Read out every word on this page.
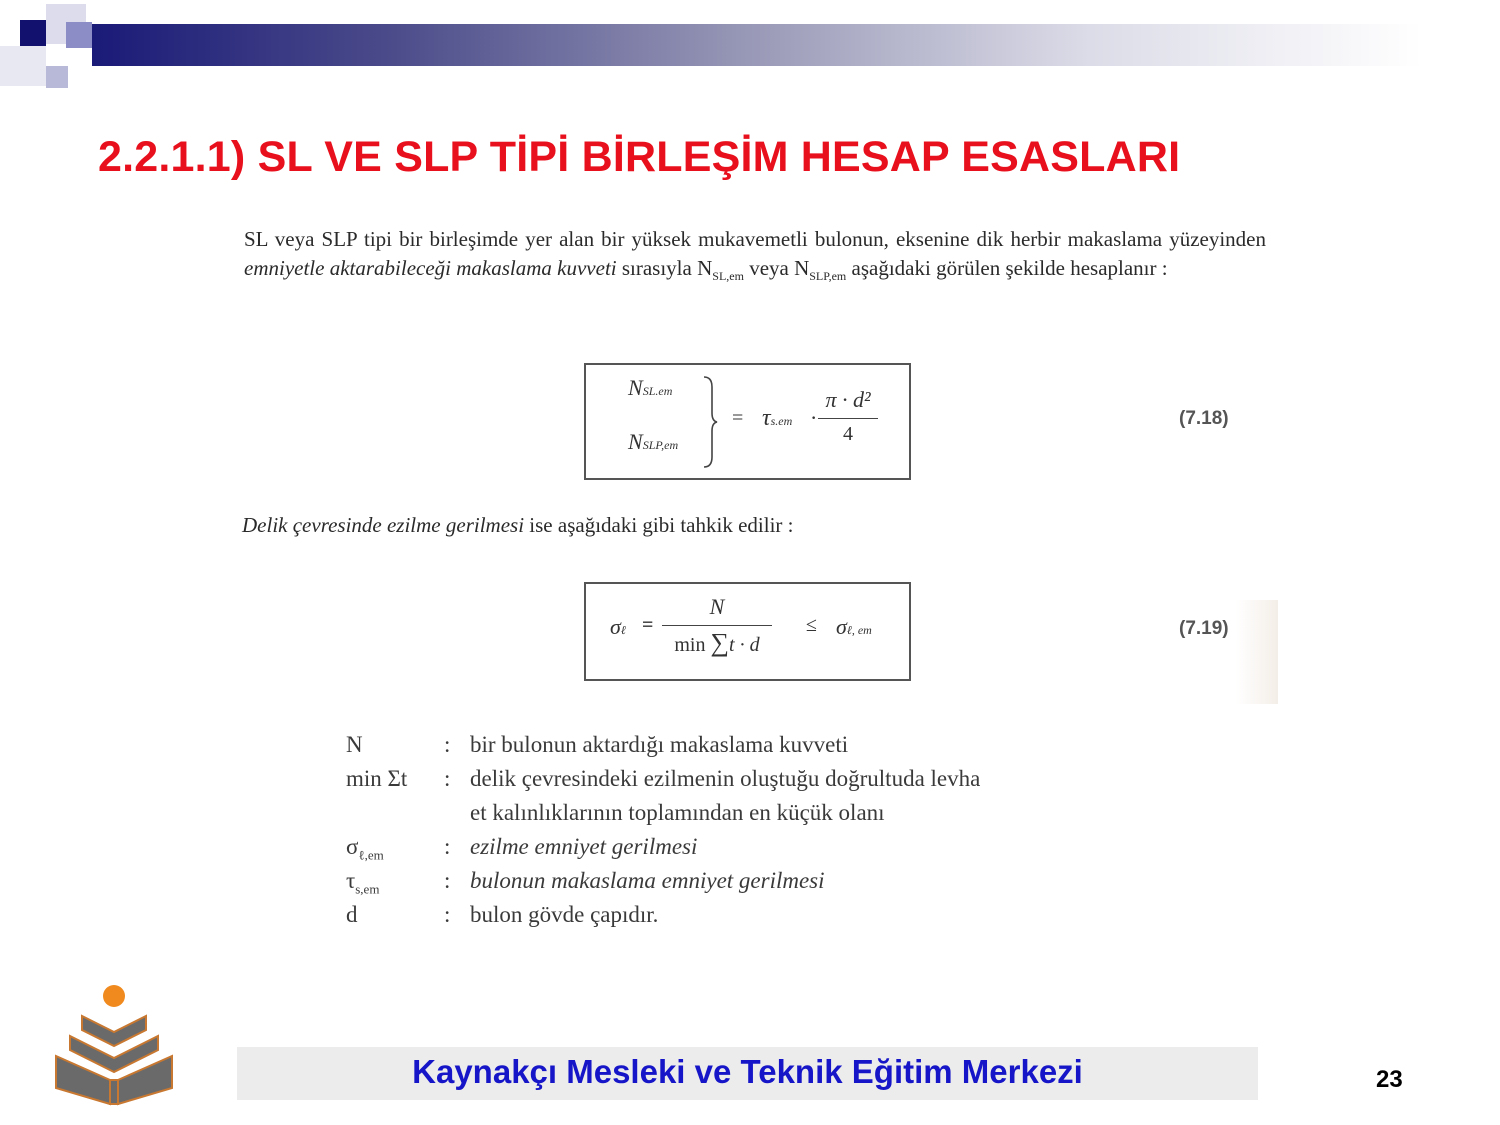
2.2.1.1) SL VE SLP TİPİ BİRLEŞİM HESAP ESASLARI
SL veya SLP tipi bir birleşimde yer alan bir yüksek mukavemetli bulonun, eksenine dik herbir makaslama yüzeyinden emniyetle aktarabileceği makaslama kuvveti sırasıyla $N_{SL,em}$ veya $N_{SLP,em}$ aşağıdaki görülen şekilde hesaplanır :
NSL.em
NSLP,em
= τs.em ·
π · d²
4
(7.18)
Delik çevresinde ezilme gerilmesi ise aşağıdaki gibi tahkik edilir :
σℓ =
N
min ∑t · d
≤ σℓ, em	(7.19)
N	: bir bulonun aktardığı makaslama kuvveti
min Σt : delik çevresindeki ezilmenin oluştuğu doğrultuda levha
et kalınlıklarının toplamından en küçük olanı
$\sigma_{\ell,em}$	: ezilme emniyet gerilmesi
$\tau_{s,em}$	: bulonun makaslama emniyet gerilmesi
d	: bulon gövde çapıdır.
Kaynakçı Mesleki ve Teknik Eğitim Merkezi	23
